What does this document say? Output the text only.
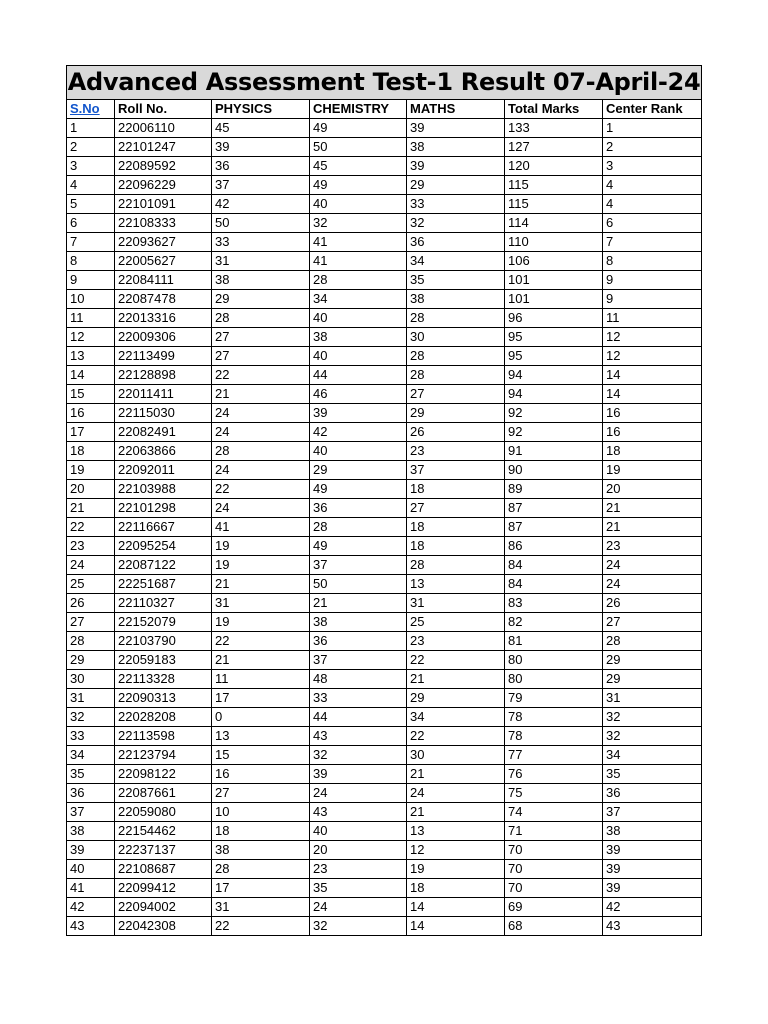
Advanced Assessment Test-1 Result 07-April-24						
S.No	Roll No.	PHYSICS	CHEMISTRY	MATHS	Total Marks	Center Rank
1	22006110	45	49	39	133	1
2	22101247	39	50	38	127	2
3	22089592	36	45	39	120	3
4	22096229	37	49	29	115	4
5	22101091	42	40	33	115	4
6	22108333	50	32	32	114	6
7	22093627	33	41	36	110	7
8	22005627	31	41	34	106	8
9	22084111	38	28	35	101	9
10	22087478	29	34	38	101	9
11	22013316	28	40	28	96	11
12	22009306	27	38	30	95	12
13	22113499	27	40	28	95	12
14	22128898	22	44	28	94	14
15	22011411	21	46	27	94	14
16	22115030	24	39	29	92	16
17	22082491	24	42	26	92	16
18	22063866	28	40	23	91	18
19	22092011	24	29	37	90	19
20	22103988	22	49	18	89	20
21	22101298	24	36	27	87	21
22	22116667	41	28	18	87	21
23	22095254	19	49	18	86	23
24	22087122	19	37	28	84	24
25	22251687	21	50	13	84	24
26	22110327	31	21	31	83	26
27	22152079	19	38	25	82	27
28	22103790	22	36	23	81	28
29	22059183	21	37	22	80	29
30	22113328	11	48	21	80	29
31	22090313	17	33	29	79	31
32	22028208	0	44	34	78	32
33	22113598	13	43	22	78	32
34	22123794	15	32	30	77	34
35	22098122	16	39	21	76	35
36	22087661	27	24	24	75	36
37	22059080	10	43	21	74	37
38	22154462	18	40	13	71	38
39	22237137	38	20	12	70	39
40	22108687	28	23	19	70	39
41	22099412	17	35	18	70	39
42	22094002	31	24	14	69	42
43	22042308	22	32	14	68	43
